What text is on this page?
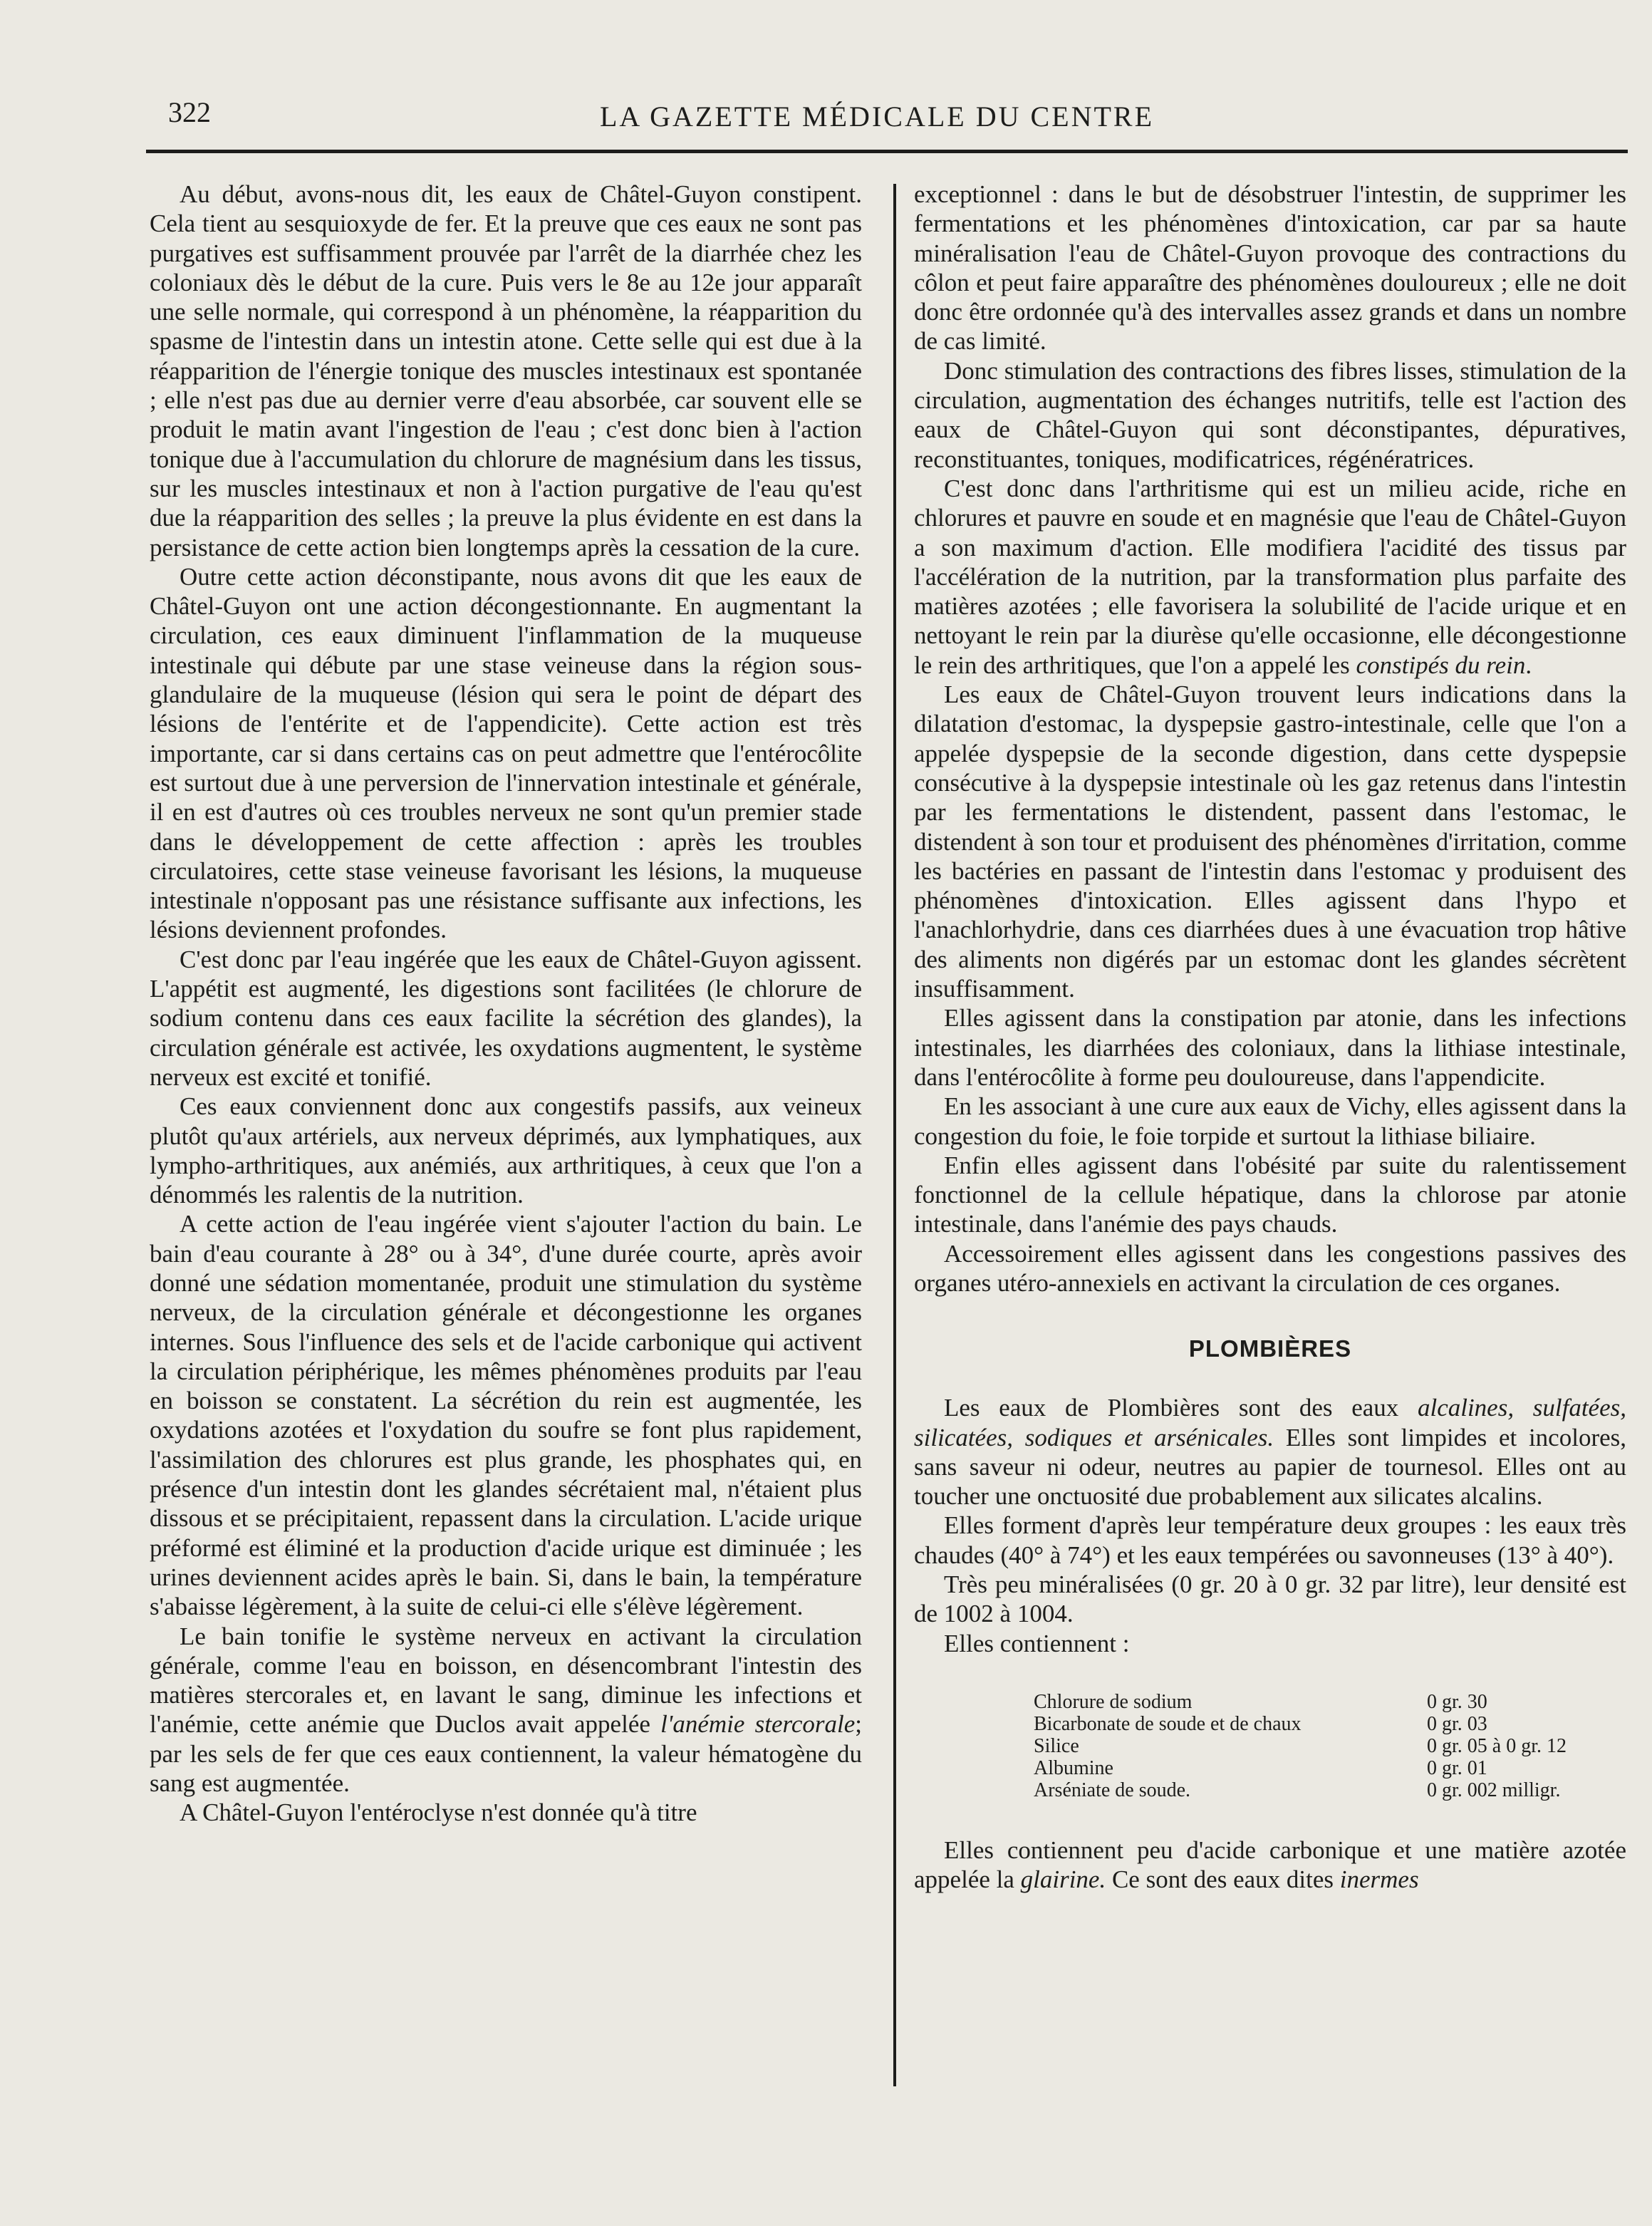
322	LA GAZETTE MÉDICALE DU CENTRE

Au début, avons-nous dit, les eaux de Châtel-Guyon constipent. Cela tient au sesquioxyde de fer. Et la preuve que ces eaux ne sont pas purgatives est suffisamment prouvée par l'arrêt de la diarrhée chez les coloniaux dès le début de la cure. Puis vers le 8e au 12e jour apparaît une selle normale, qui correspond à un phénomène, la réapparition du spasme de l'intestin dans un intestin atone. Cette selle qui est due à la réapparition de l'énergie tonique des muscles intestinaux est spontanée ; elle n'est pas due au dernier verre d'eau absorbée, car souvent elle se produit le matin avant l'ingestion de l'eau ; c'est donc bien à l'action tonique due à l'accumulation du chlorure de magnésium dans les tissus, sur les muscles intestinaux et non à l'action purgative de l'eau qu'est due la réapparition des selles ; la preuve la plus évidente en est dans la persistance de cette action bien longtemps après la cessation de la cure.

Outre cette action déconstipante, nous avons dit que les eaux de Châtel-Guyon ont une action décongestionnante. En augmentant la circulation, ces eaux diminuent l'inflammation de la muqueuse intestinale qui débute par une stase veineuse dans la région sous-glandulaire de la muqueuse (lésion qui sera le point de départ des lésions de l'entérite et de l'appendicite). Cette action est très importante, car si dans certains cas on peut admettre que l'entérocôlite est surtout due à une perversion de l'innervation intestinale et générale, il en est d'autres où ces troubles nerveux ne sont qu'un premier stade dans le développement de cette affection : après les troubles circulatoires, cette stase veineuse favorisant les lésions, la muqueuse intestinale n'opposant pas une résistance suffisante aux infections, les lésions deviennent profondes.

C'est donc par l'eau ingérée que les eaux de Châtel-Guyon agissent. L'appétit est augmenté, les digestions sont facilitées (le chlorure de sodium contenu dans ces eaux facilite la sécrétion des glandes), la circulation générale est activée, les oxydations augmentent, le système nerveux est excité et tonifié.

Ces eaux conviennent donc aux congestifs passifs, aux veineux plutôt qu'aux artériels, aux nerveux déprimés, aux lymphatiques, aux lympho-arthritiques, aux anémiés, aux arthritiques, à ceux que l'on a dénommés les ralentis de la nutrition.

A cette action de l'eau ingérée vient s'ajouter l'action du bain. Le bain d'eau courante à 28° ou à 34°, d'une durée courte, après avoir donné une sédation momentanée, produit une stimulation du système nerveux, de la circulation générale et décongestionne les organes internes. Sous l'influence des sels et de l'acide carbonique qui activent la circulation périphérique, les mêmes phénomènes produits par l'eau en boisson se constatent. La sécrétion du rein est augmentée, les oxydations azotées et l'oxydation du soufre se font plus rapidement, l'assimilation des chlorures est plus grande, les phosphates qui, en présence d'un intestin dont les glandes sécrétaient mal, n'étaient plus dissous et se précipitaient, repassent dans la circulation. L'acide urique préformé est éliminé et la production d'acide urique est diminuée ; les urines deviennent acides après le bain. Si, dans le bain, la température s'abaisse légèrement, à la suite de celui-ci elle s'élève légèrement.

Le bain tonifie le système nerveux en activant la circulation générale, comme l'eau en boisson, en désencombrant l'intestin des matières stercorales et, en lavant le sang, diminue les infections et l'anémie, cette anémie que Duclos avait appelée l'anémie stercorale; par les sels de fer que ces eaux contiennent, la valeur hématogène du sang est augmentée.

A Châtel-Guyon l'entéroclyse n'est donnée qu'à titre

exceptionnel : dans le but de désobstruer l'intestin, de supprimer les fermentations et les phénomènes d'intoxication, car par sa haute minéralisation l'eau de Châtel-Guyon provoque des contractions du côlon et peut faire apparaître des phénomènes douloureux ; elle ne doit donc être ordonnée qu'à des intervalles assez grands et dans un nombre de cas limité.

Donc stimulation des contractions des fibres lisses, stimulation de la circulation, augmentation des échanges nutritifs, telle est l'action des eaux de Châtel-Guyon qui sont déconstipantes, dépuratives, reconstituantes, toniques, modificatrices, régénératrices.

C'est donc dans l'arthritisme qui est un milieu acide, riche en chlorures et pauvre en soude et en magnésie que l'eau de Châtel-Guyon a son maximum d'action. Elle modifiera l'acidité des tissus par l'accélération de la nutrition, par la transformation plus parfaite des matières azotées ; elle favorisera la solubilité de l'acide urique et en nettoyant le rein par la diurèse qu'elle occasionne, elle décongestionne le rein des arthritiques, que l'on a appelé les constipés du rein.

Les eaux de Châtel-Guyon trouvent leurs indications dans la dilatation d'estomac, la dyspepsie gastro-intestinale, celle que l'on a appelée dyspepsie de la seconde digestion, dans cette dyspepsie consécutive à la dyspepsie intestinale où les gaz retenus dans l'intestin par les fermentations le distendent, passent dans l'estomac, le distendent à son tour et produisent des phénomènes d'irritation, comme les bactéries en passant de l'intestin dans l'estomac y produisent des phénomènes d'intoxication. Elles agissent dans l'hypo et l'anachlorhydrie, dans ces diarrhées dues à une évacuation trop hâtive des aliments non digérés par un estomac dont les glandes sécrètent insuffisamment.

Elles agissent dans la constipation par atonie, dans les infections intestinales, les diarrhées des coloniaux, dans la lithiase intestinale, dans l'entérocôlite à forme peu douloureuse, dans l'appendicite.

En les associant à une cure aux eaux de Vichy, elles agissent dans la congestion du foie, le foie torpide et surtout la lithiase biliaire.

Enfin elles agissent dans l'obésité par suite du ralentissement fonctionnel de la cellule hépatique, dans la chlorose par atonie intestinale, dans l'anémie des pays chauds.

Accessoirement elles agissent dans les congestions passives des organes utéro-annexiels en activant la circulation de ces organes.

PLOMBIÈRES

Les eaux de Plombières sont des eaux alcalines, sulfatées, silicatées, sodiques et arsénicales. Elles sont limpides et incolores, sans saveur ni odeur, neutres au papier de tournesol. Elles ont au toucher une onctuosité due probablement aux silicates alcalins.

Elles forment d'après leur température deux groupes : les eaux très chaudes (40° à 74°) et les eaux tempérées ou savonneuses (13° à 40°).

Très peu minéralisées (0 gr. 20 à 0 gr. 32 par litre), leur densité est de 1002 à 1004.

Elles contiennent :

Chlorure de sodium	0 gr. 30
Bicarbonate de soude et de chaux	0 gr. 03
Silice	0 gr. 05 à 0 gr. 12
Albumine	0 gr. 01
Arséniate de soude.	0 gr. 002 milligr.

Elles contiennent peu d'acide carbonique et une matière azotée appelée la glairine. Ce sont des eaux dites inermes
